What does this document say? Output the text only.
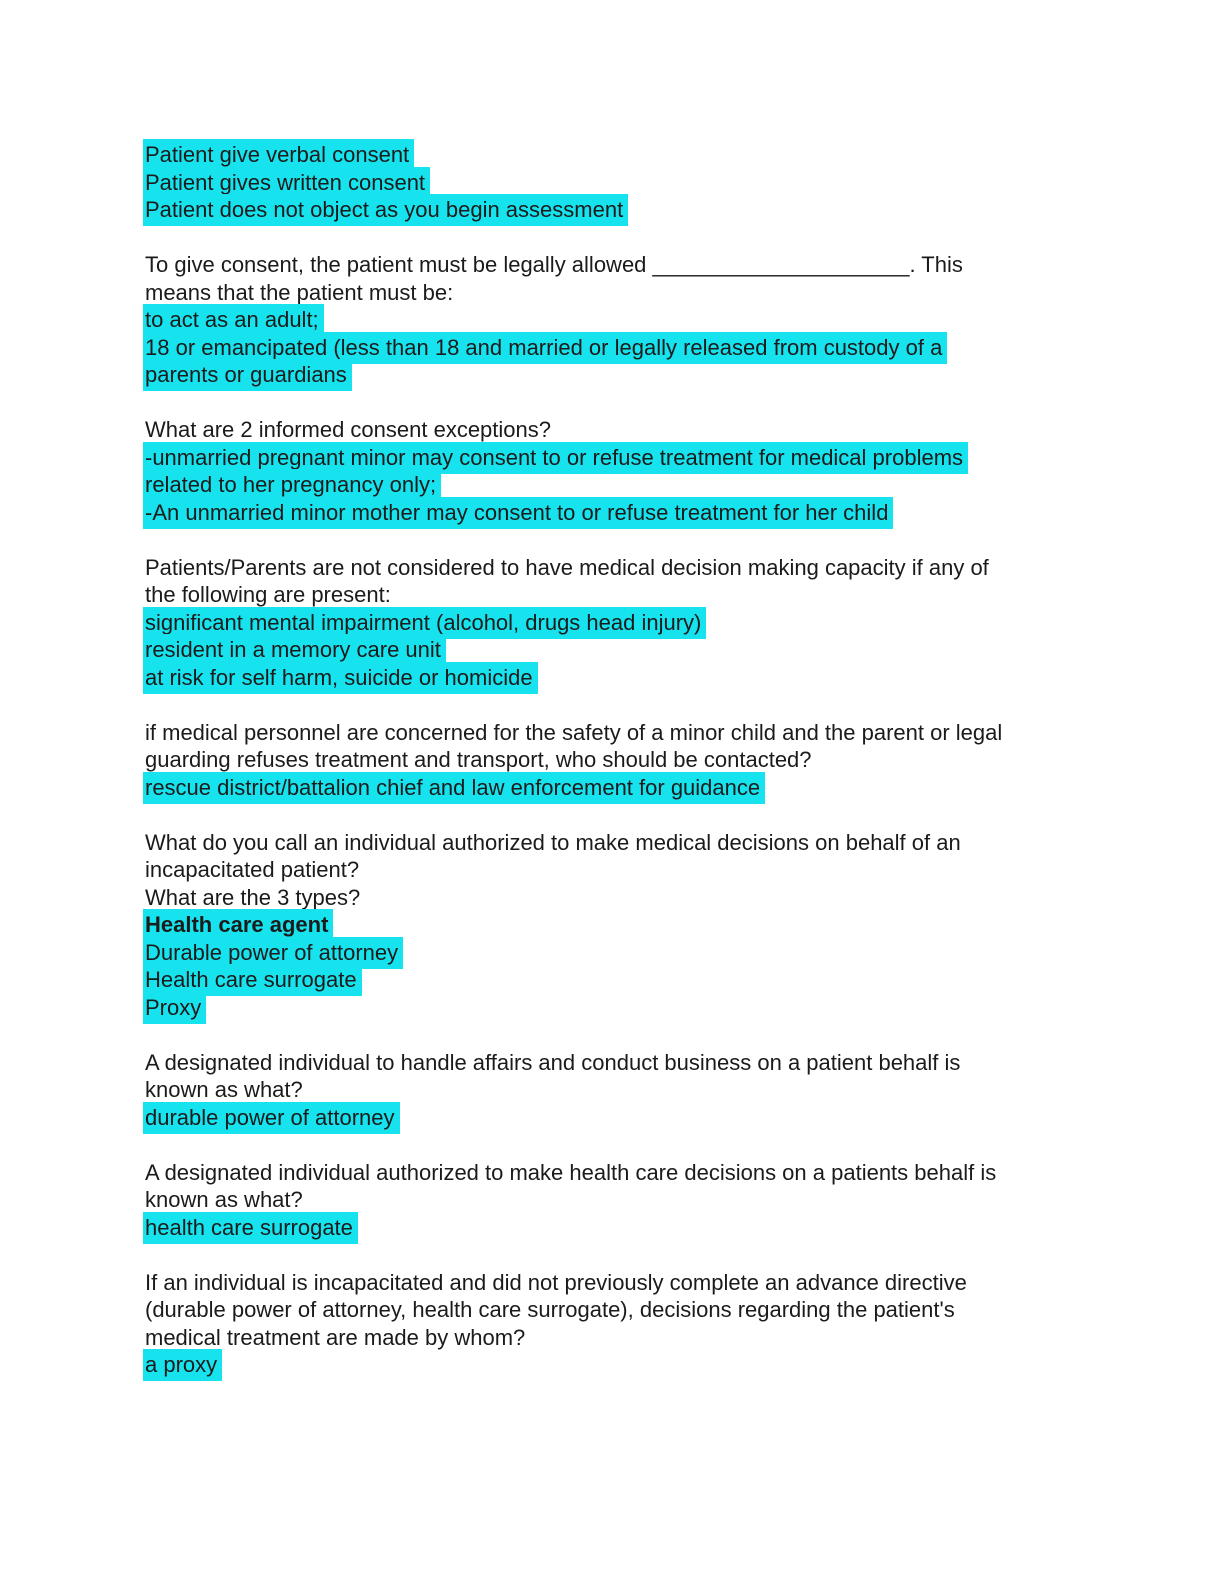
Patient give verbal consent
Patient gives written consent
Patient does not object as you begin assessment
To give consent, the patient must be legally allowed _____________________. This
means that the patient must be:
to act as an adult;
18 or emancipated (less than 18 and married or legally released from custody of a
parents or guardians
What are 2 informed consent exceptions?
-unmarried pregnant minor may consent to or refuse treatment for medical problems
related to her pregnancy only;
-An unmarried minor mother may consent to or refuse treatment for her child
Patients/Parents are not considered to have medical decision making capacity if any of
the following are present:
significant mental impairment (alcohol, drugs head injury)
resident in a memory care unit
at risk for self harm, suicide or homicide
if medical personnel are concerned for the safety of a minor child and the parent or legal
guarding refuses treatment and transport, who should be contacted?
rescue district/battalion chief and law enforcement for guidance
What do you call an individual authorized to make medical decisions on behalf of an
incapacitated patient?
What are the 3 types?
Health care agent
Durable power of attorney
Health care surrogate
Proxy
A designated individual to handle affairs and conduct business on a patient behalf is
known as what?
durable power of attorney
A designated individual authorized to make health care decisions on a patients behalf is
known as what?
health care surrogate
If an individual is incapacitated and did not previously complete an advance directive
(durable power of attorney, health care surrogate), decisions regarding the patient's
medical treatment are made by whom?
a proxy
